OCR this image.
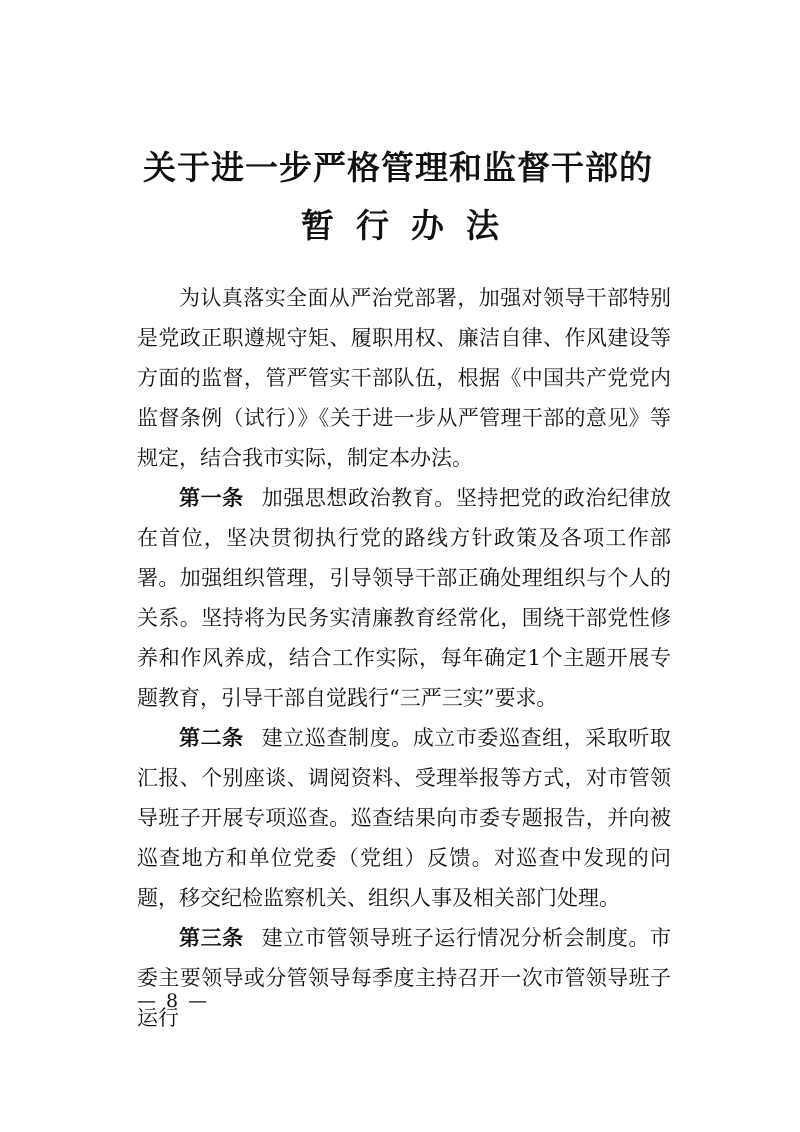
关于进一步严格管理和监督干部的
暂行办法

为认真落实全面从严治党部署，加强对领导干部特别是党政正职遵规守矩、履职用权、廉洁自律、作风建设等方面的监督，管严管实干部队伍，根据《中国共产党党内监督条例（试行）》《关于进一步从严管理干部的意见》等规定，结合我市实际，制定本办法。

第一条 加强思想政治教育。坚持把党的政治纪律放在首位，坚决贯彻执行党的路线方针政策及各项工作部署。加强组织管理，引导领导干部正确处理组织与个人的关系。坚持将为民务实清廉教育经常化，围绕干部党性修养和作风养成，结合工作实际，每年确定1个主题开展专题教育，引导干部自觉践行“三严三实”要求。

第二条 建立巡查制度。成立市委巡查组，采取听取汇报、个别座谈、调阅资料、受理举报等方式，对市管领导班子开展专项巡查。巡查结果向市委专题报告，并向被巡查地方和单位党委（党组）反馈。对巡查中发现的问题，移交纪检监察机关、组织人事及相关部门处理。

第三条 建立市管领导班子运行情况分析会制度。市委主要领导或分管领导每季度主持召开一次市管领导班子运行

— 8 —
